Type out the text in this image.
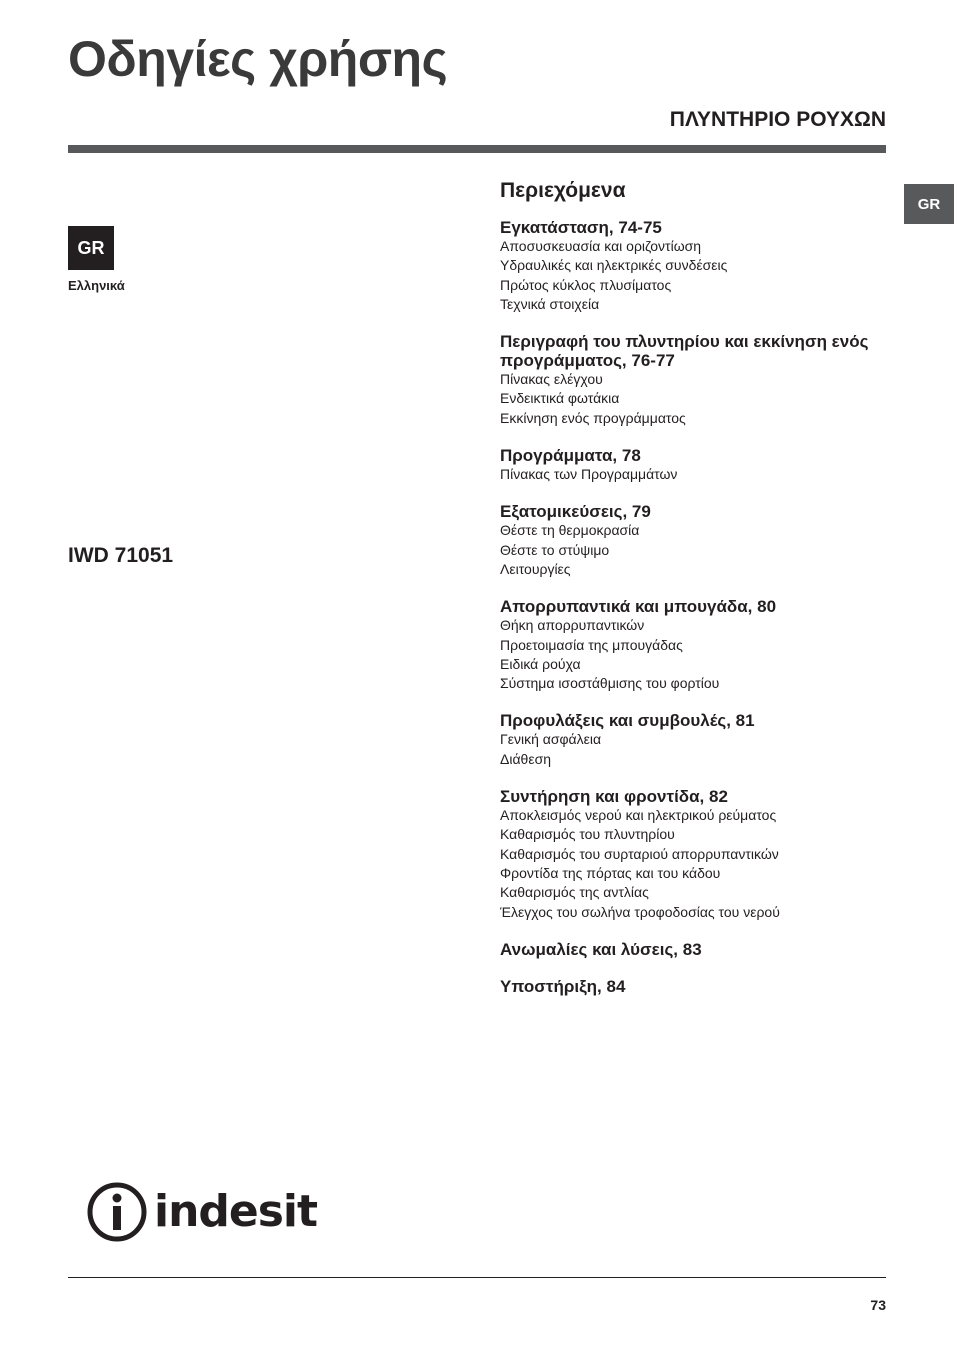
Οδηγίες χρήσης
ΠΛΥΝΤΗΡΙΟ ΡΟΥΧΩΝ
GR
Ελληνικά
GR
IWD 71051
Περιεχόμενα
Εγκατάσταση, 74-75
Αποσυσκευασία και οριζοντίωση
Υδραυλικές και ηλεκτρικές συνδέσεις
Πρώτος κύκλος πλυσίματος
Τεχνικά στοιχεία
Περιγραφή του πλυντηρίου και εκκίνηση ενός προγράμματος, 76-77
Πίνακας ελέγχου
Ενδεικτικά φωτάκια
Εκκίνηση ενός προγράμματος
Προγράμματα, 78
Πίνακας των Προγραμμάτων
Εξατομικεύσεις, 79
Θέστε τη θερμοκρασία
Θέστε το στύψιμο
Λειτουργίες
Απορρυπαντικά και μπουγάδα, 80
Θήκη απορρυπαντικών
Προετοιμασία της μπουγάδας
Ειδικά ρούχα
Σύστημα ισοστάθμισης του φορτίου
Προφυλάξεις και συμβουλές, 81
Γενική ασφάλεια
Διάθεση
Συντήρηση και φροντίδα, 82
Αποκλεισμός νερού και ηλεκτρικού ρεύματος
Καθαρισμός του πλυντηρίου
Καθαρισμός του συρταριού απορρυπαντικών
Φροντίδα της πόρτας και του κάδου
Καθαρισμός της αντλίας
Έλεγχος του σωλήνα τροφοδοσίας του νερού
Ανωμαλίες και λύσεις, 83
Υποστήριξη, 84
indesit
73
